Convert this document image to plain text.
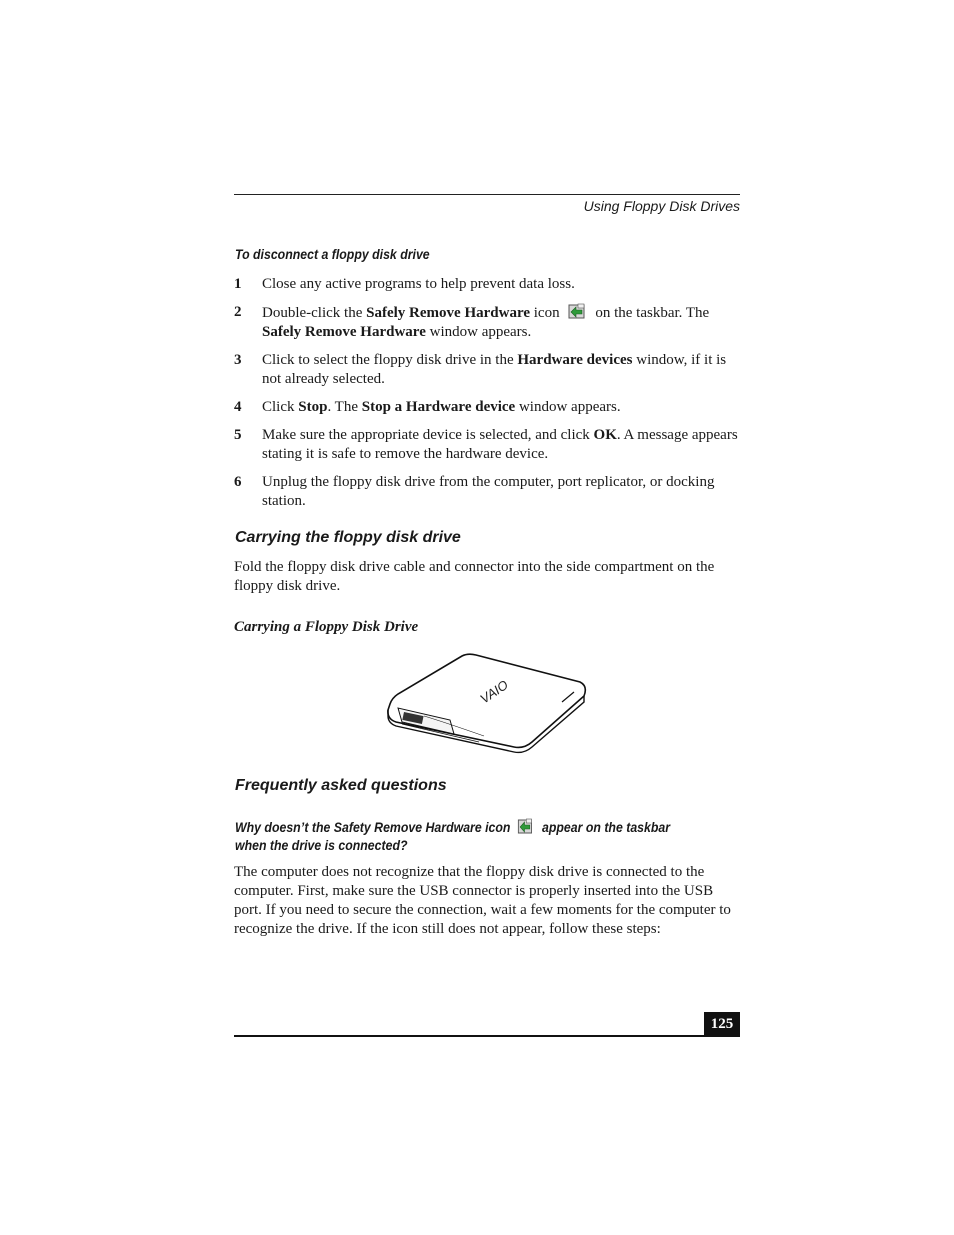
Using Floppy Disk Drives
To disconnect a floppy disk drive
1 Close any active programs to help prevent data loss.
2 Double-click the Safely Remove Hardware icon on the taskbar. The Safely Remove Hardware window appears.
3 Click to select the floppy disk drive in the Hardware devices window, if it is not already selected.
4 Click Stop. The Stop a Hardware device window appears.
5 Make sure the appropriate device is selected, and click OK. A message appears stating it is safe to remove the hardware device.
6 Unplug the floppy disk drive from the computer, port replicator, or docking station.
Carrying the floppy disk drive

Fold the floppy disk drive cable and connector into the side compartment on the floppy disk drive.

Carrying a Floppy Disk Drive
VAIO
Frequently asked questions
Why doesn’t the Safety Remove Hardware icon appear on the taskbar when the drive is connected?

The computer does not recognize that the floppy disk drive is connected to the computer. First, make sure the USB connector is properly inserted into the USB port. If you need to secure the connection, wait a few moments for the computer to recognize the drive. If the icon still does not appear, follow these steps:

125
